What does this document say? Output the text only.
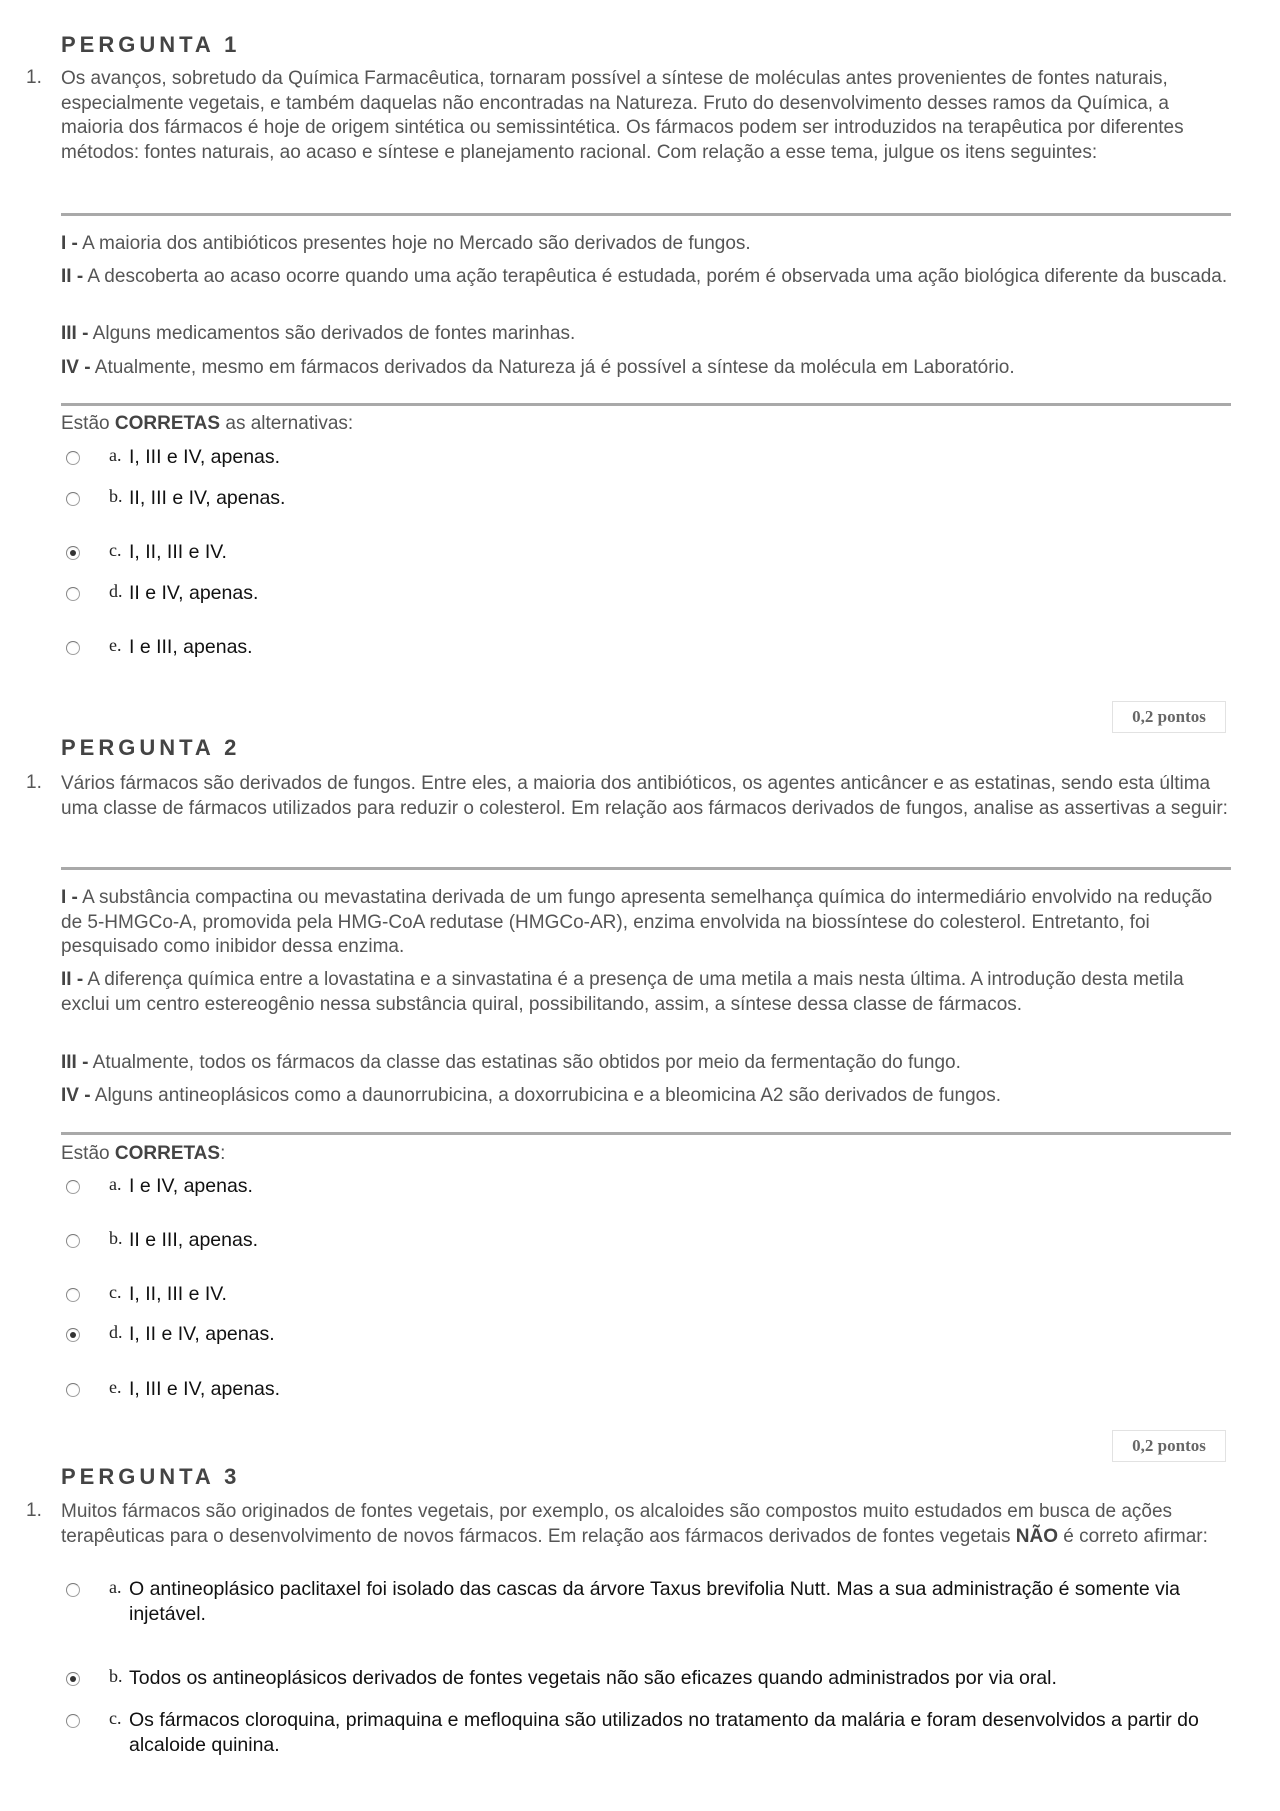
PERGUNTA 1
1. Os avanços, sobretudo da Química Farmacêutica, tornaram possível a síntese de moléculas antes provenientes de fontes naturais, especialmente vegetais, e também daquelas não encontradas na Natureza. Fruto do desenvolvimento desses ramos da Química, a maioria dos fármacos é hoje de origem sintética ou semissintética. Os fármacos podem ser introduzidos na terapêutica por diferentes métodos: fontes naturais, ao acaso e síntese e planejamento racional. Com relação a esse tema, julgue os itens seguintes:
I - A maioria dos antibióticos presentes hoje no Mercado são derivados de fungos.
II - A descoberta ao acaso ocorre quando uma ação terapêutica é estudada, porém é observada uma ação biológica diferente da buscada.
III - Alguns medicamentos são derivados de fontes marinhas.
IV - Atualmente, mesmo em fármacos derivados da Natureza já é possível a síntese da molécula em Laboratório.
Estão CORRETAS as alternativas:
a. I, III e IV, apenas.
b. II, III e IV, apenas.
c. I, II, III e IV.
d. II e IV, apenas.
e. I e III, apenas.
0,2 pontos
PERGUNTA 2
1. Vários fármacos são derivados de fungos. Entre eles, a maioria dos antibióticos, os agentes anticâncer e as estatinas, sendo esta última uma classe de fármacos utilizados para reduzir o colesterol. Em relação aos fármacos derivados de fungos, analise as assertivas a seguir:
I - A substância compactina ou mevastatina derivada de um fungo apresenta semelhança química do intermediário envolvido na redução de 5-HMGCo-A, promovida pela HMG-CoA redutase (HMGCo-AR), enzima envolvida na biossíntese do colesterol. Entretanto, foi pesquisado como inibidor dessa enzima.
II - A diferença química entre a lovastatina e a sinvastatina é a presença de uma metila a mais nesta última. A introdução desta metila exclui um centro estereogênio nessa substância quiral, possibilitando, assim, a síntese dessa classe de fármacos.
III - Atualmente, todos os fármacos da classe das estatinas são obtidos por meio da fermentação do fungo.
IV - Alguns antineoplásicos como a daunorrubicina, a doxorrubicina e a bleomicina A2 são derivados de fungos.
Estão CORRETAS:
a. I e IV, apenas.
b. II e III, apenas.
c. I, II, III e IV.
d. I, II e IV, apenas.
e. I, III e IV, apenas.
0,2 pontos
PERGUNTA 3
1. Muitos fármacos são originados de fontes vegetais, por exemplo, os alcaloides são compostos muito estudados em busca de ações terapêuticas para o desenvolvimento de novos fármacos. Em relação aos fármacos derivados de fontes vegetais NÃO é correto afirmar:
a. O antineoplásico paclitaxel foi isolado das cascas da árvore Taxus brevifolia Nutt. Mas a sua administração é somente via injetável.
b. Todos os antineoplásicos derivados de fontes vegetais não são eficazes quando administrados por via oral.
c. Os fármacos cloroquina, primaquina e mefloquina são utilizados no tratamento da malária e foram desenvolvidos a partir do alcaloide quinina.
